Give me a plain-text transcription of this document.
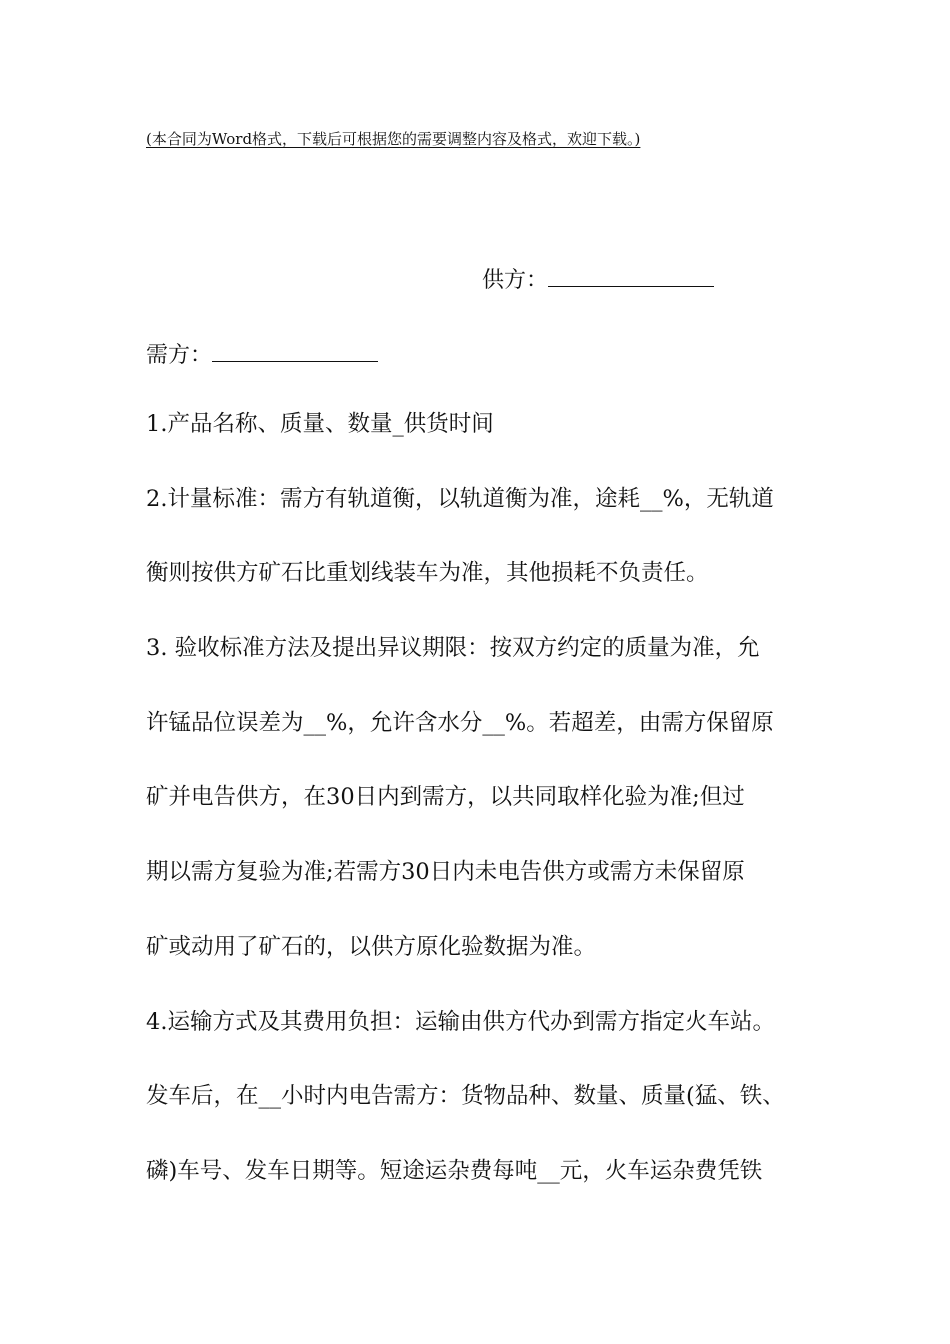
(本合同为Word格式，下载后可根据您的需要调整内容及格式，欢迎下载。)
供方：
需方：
1.产品名称、质量、数量_供货时间
2.计量标准：需方有轨道衡，以轨道衡为准，途耗__%，无轨道
衡则按供方矿石比重划线装车为准，其他损耗不负责任。
3. 验收标准方法及提出异议期限：按双方约定的质量为准，允
许锰品位误差为__%，允许含水分__%。若超差，由需方保留原
矿并电告供方，在30日内到需方，以共同取样化验为准;但过
期以需方复验为准;若需方30日内未电告供方或需方未保留原
矿或动用了矿石的，以供方原化验数据为准。
4.运输方式及其费用负担：运输由供方代办到需方指定火车站。
发车后，在__小时内电告需方：货物品种、数量、质量(猛、铁、
磷)车号、发车日期等。短途运杂费每吨__元，火车运杂费凭铁
